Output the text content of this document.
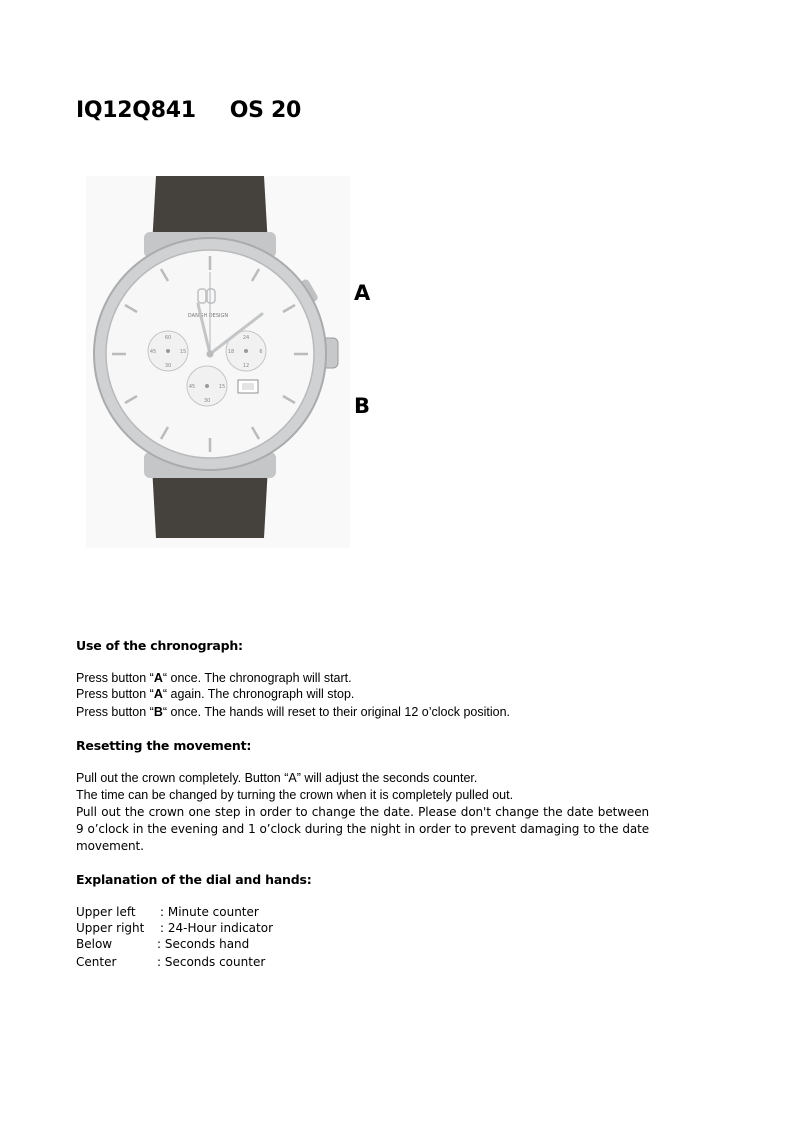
IQ12Q841 OS 20
DANISH DESIGN
60
45	15
30
24
18	6
12
45	15
30
A
B
Use of the chronograph:
Press button “A“ once. The chronograph will start.
Press button “A“ again. The chronograph will stop.
Press button “B“ once. The hands will reset to their original 12 o’clock position.
Resetting the movement:
Pull out the crown completely. Button “A” will adjust the seconds counter.
The time can be changed by turning the crown when it is completely pulled out.
Pull out the crown one step in order to change the date. Please don't change the date between 9 o’clock in the evening and 1 o’clock during the night in order to prevent damaging to the date movement.
Explanation of the dial and hands:
Upper left : Minute counter
Upper right : 24-Hour indicator
Below	: Seconds hand
Center	: Seconds counter
